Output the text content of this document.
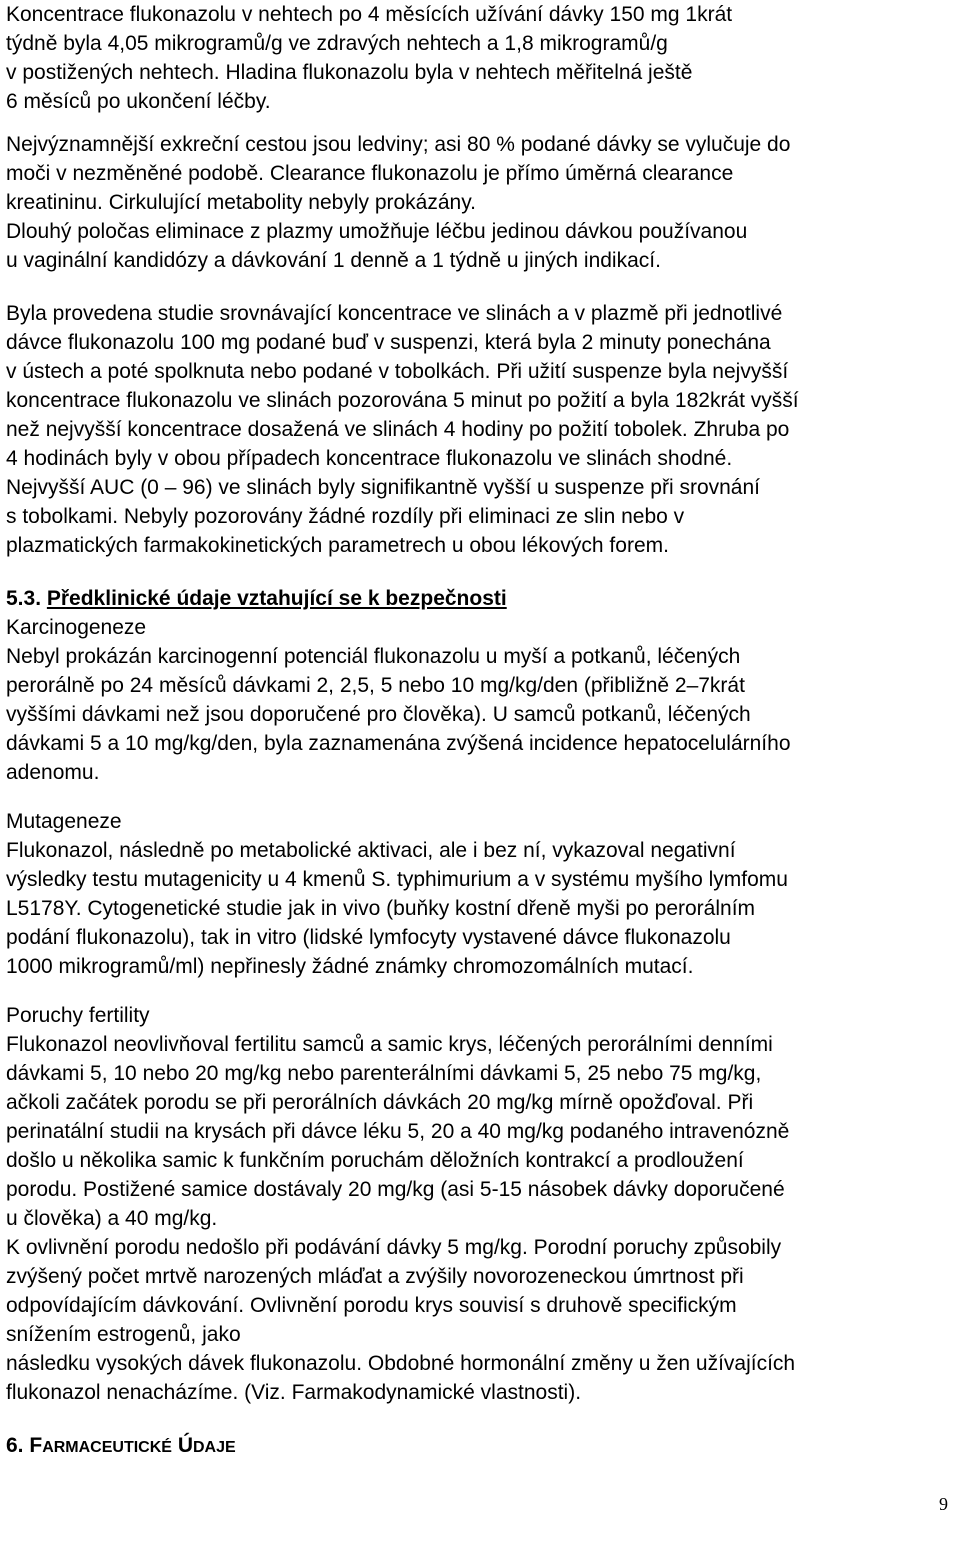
Koncentrace flukonazolu v nehtech po 4 měsících užívání dávky 150 mg 1krát
týdně byla 4,05 mikrogramů/g ve zdravých nehtech a 1,8 mikrogramů/g
v postižených nehtech. Hladina flukonazolu byla v nehtech měřitelná ještě
6 měsíců po ukončení léčby.
Nejvýznamnější exkreční cestou jsou ledviny; asi 80 % podané dávky se vylučuje do
moči v nezměněné podobě. Clearance flukonazolu je přímo úměrná clearance
kreatininu. Cirkulující metabolity nebyly prokázány.
Dlouhý poločas eliminace z plazmy umožňuje léčbu jedinou dávkou používanou
u vaginální kandidózy a dávkování 1 denně a 1 týdně u jiných indikací.
Byla provedena studie srovnávající koncentrace ve slinách a v plazmě při jednotlivé
dávce flukonazolu 100 mg podané buď v suspenzi, která byla 2 minuty ponechána
v ústech a poté spolknuta nebo podané v tobolkách. Při užití suspenze byla nejvyšší
koncentrace flukonazolu ve slinách pozorována 5 minut po požití a byla 182krát vyšší
než nejvyšší koncentrace dosažená ve slinách 4 hodiny po požití tobolek. Zhruba po
4 hodinách byly v obou případech koncentrace flukonazolu ve slinách shodné.
Nejvyšší AUC (0 – 96) ve slinách byly signifikantně vyšší u suspenze při srovnání
s tobolkami. Nebyly pozorovány žádné rozdíly při eliminaci ze slin nebo v
plazmatických farmakokinetických parametrech u obou lékových forem.
5.3. Předklinické údaje vztahující se k bezpečnosti
Karcinogeneze
Nebyl prokázán karcinogenní potenciál flukonazolu u myší a potkanů, léčených
perorálně po 24 měsíců dávkami 2, 2,5, 5 nebo 10 mg/kg/den (přibližně 2–7krát
vyššími dávkami než jsou doporučené pro člověka). U samců potkanů, léčených
dávkami 5 a 10 mg/kg/den, byla zaznamenána zvýšená incidence hepatocelulárního
adenomu.
Mutageneze
Flukonazol, následně po metabolické aktivaci, ale i bez ní, vykazoval negativní
výsledky testu mutagenicity u 4 kmenů S. typhimurium a v systému myšího lymfomu
L5178Y. Cytogenetické studie jak in vivo (buňky kostní dřeně myši po perorálním
podání flukonazolu), tak in vitro (lidské lymfocyty vystavené dávce flukonazolu
1000 mikrogramů/ml) nepřinesly žádné známky chromozomálních mutací.
Poruchy fertility
Flukonazol neovlivňoval fertilitu samců a samic krys, léčených perorálními denními
dávkami 5, 10 nebo 20 mg/kg nebo parenterálními dávkami 5, 25 nebo 75 mg/kg,
ačkoli začátek porodu se při perorálních dávkách 20 mg/kg mírně opožďoval. Při
perinatální studii na krysách při dávce léku 5, 20 a 40 mg/kg podaného intravenózně
došlo u několika samic k funkčním poruchám děložních kontrakcí a prodloužení
porodu. Postižené samice dostávaly 20 mg/kg (asi 5-15 násobek dávky doporučené
u člověka) a 40 mg/kg.
K ovlivnění porodu nedošlo při podávání dávky 5 mg/kg. Porodní poruchy způsobily
zvýšený počet mrtvě narozených mláďat a zvýšily novorozeneckou úmrtnost při
odpovídajícím dávkování. Ovlivnění porodu krys souvisí s druhově specifickým
snížením estrogenů, jako
následku vysokých dávek flukonazolu. Obdobné hormonální změny u žen užívajících
flukonazol nenacházíme. (Viz. Farmakodynamické vlastnosti).
6. FARMACEUTICKÉ ÚDAJE
9
